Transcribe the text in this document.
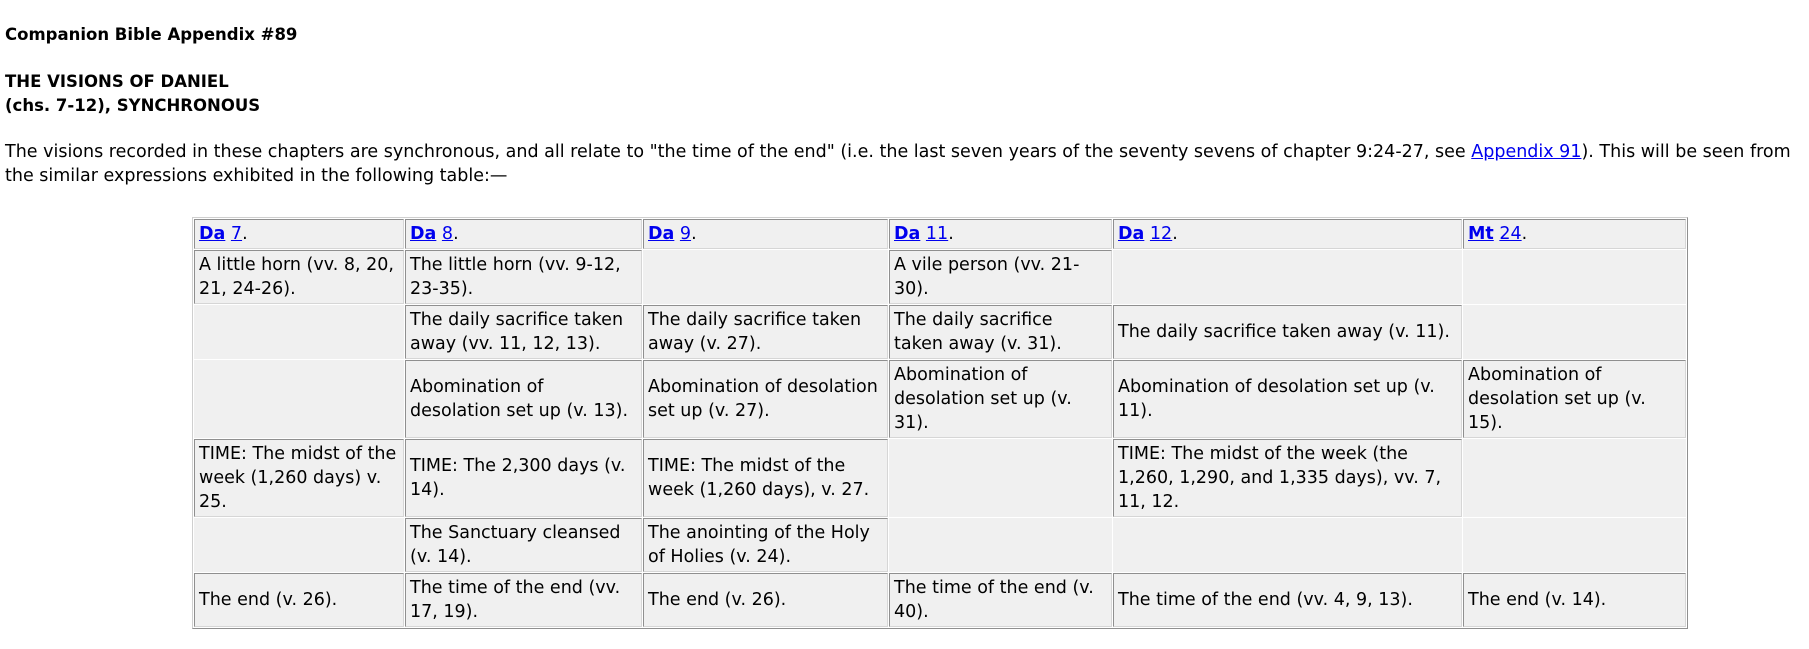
Companion Bible Appendix #89

THE VISIONS OF DANIEL

(chs. 7-12), SYNCHRONOUS

The visions recorded in these chapters are synchronous, and all relate to "the time of the end" (i.e. the last seven years of the seventy sevens of chapter 9:24-27, see Appendix 91). This will be seen from the similar expressions exhibited in the following table:—
Da 7.	Da 8.	Da 9.	Da 11.	Da 12.	Mt 24.
A little horn (vv. 8, 20, 21, 24-26).	The little horn (vv. 9-12, 23-35).		A vile person (vv. 21-30).		
	The daily sacrifice taken away (vv. 11, 12, 13).	The daily sacrifice taken away (v. 27).	The daily sacrifice taken away (v. 31).	The daily sacrifice taken away (v. 11).	
	Abomination of desolation set up (v. 13).	Abomination of desolation set up (v. 27).	Abomination of desolation set up (v. 31).	Abomination of desolation set up (v. 11).	Abomination of desolation set up (v. 15).
TIME: The midst of the week (1,260 days) v. 25.	TIME: The 2,300 days (v. 14).	TIME: The midst of the week (1,260 days), v. 27.		TIME: The midst of the week (the 1,260, 1,290, and 1,335 days), vv. 7, 11, 12.	
	The Sanctuary cleansed (v. 14).	The anointing of the Holy of Holies (v. 24).			
The end (v. 26).	The time of the end (vv. 17, 19).	The end (v. 26).	The time of the end (v. 40).	The time of the end (vv. 4, 9, 13).	The end (v. 14).
